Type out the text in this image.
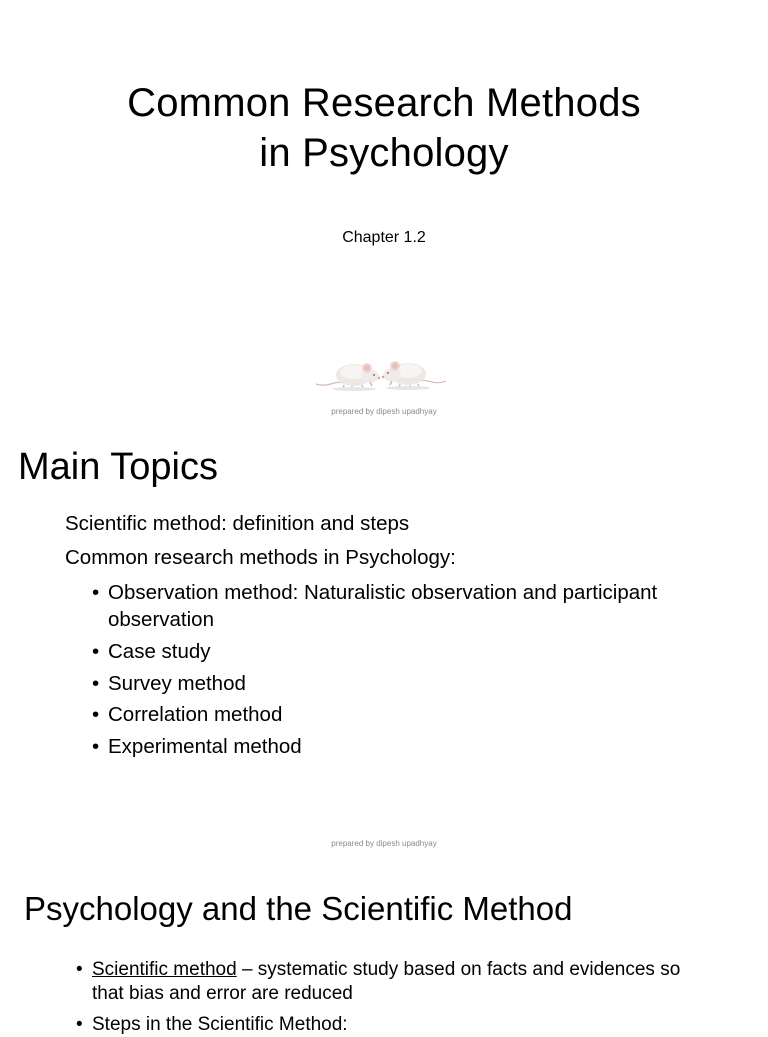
Common Research Methods
in Psychology
Chapter 1.2
prepared by dipesh upadhyay
Main Topics
Scientific method: definition and steps
Common research methods in Psychology:
• Observation method: Naturalistic observation and participant observation
• Case study
• Survey method
• Correlation method
• Experimental method
prepared by dipesh upadhyay
Psychology and the Scientific Method
• Scientific method – systematic study based on facts and evidences so that bias and error are reduced
• Steps in the Scientific Method:
